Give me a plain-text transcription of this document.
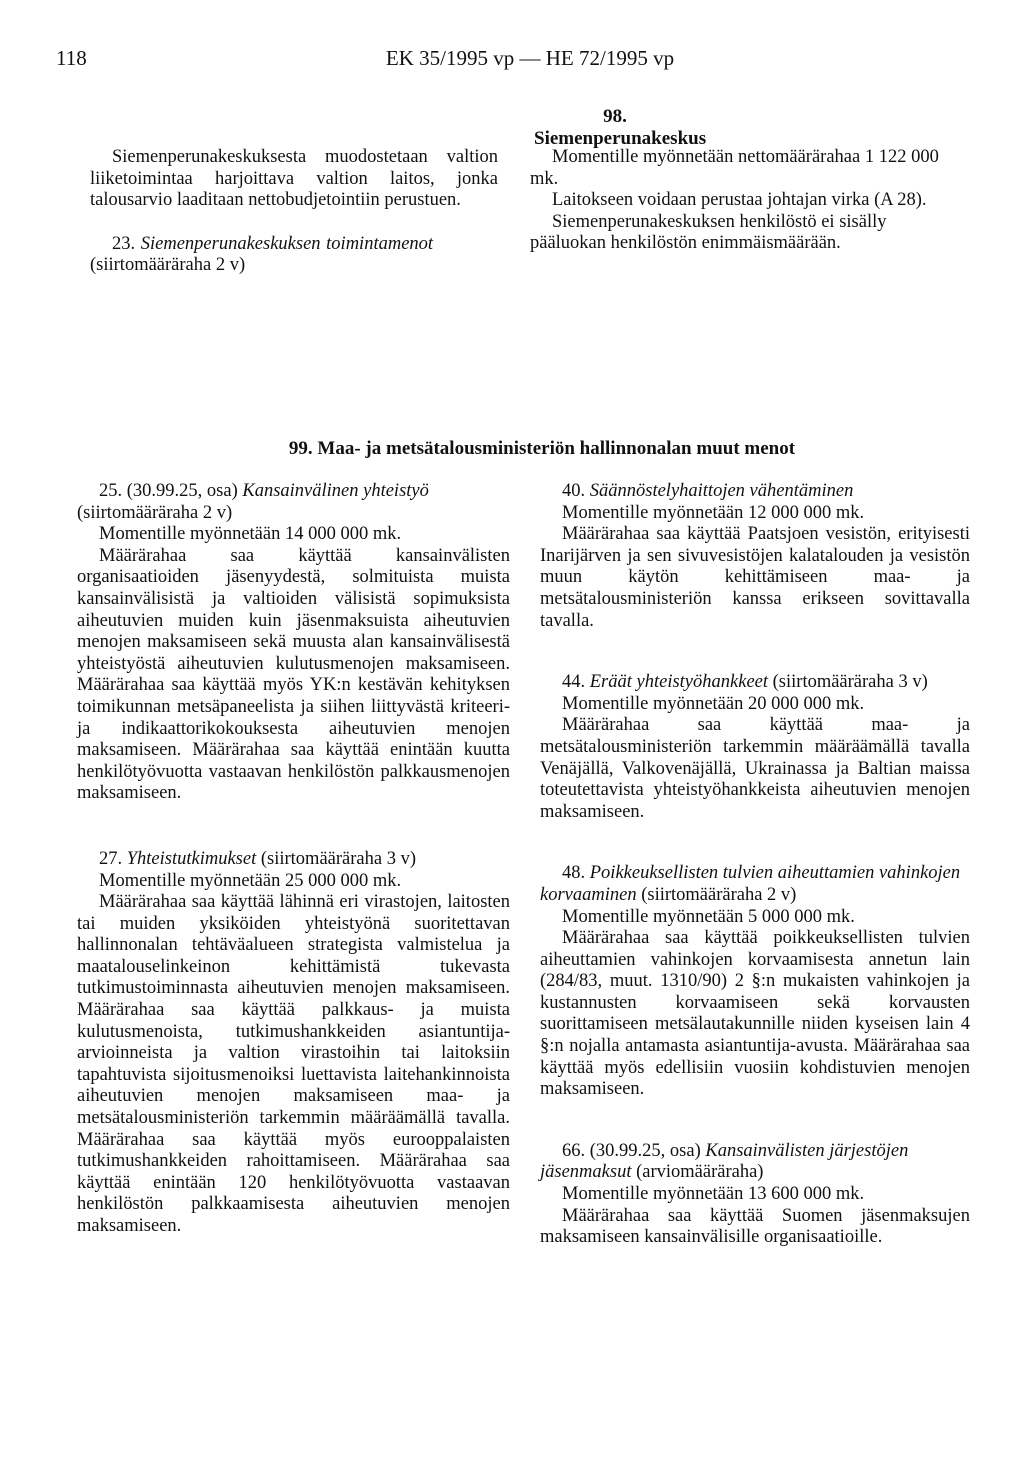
118	EK 35/1995 vp — HE 72/1995 vp
98. Siemenperunakeskus

Siemenperunakeskuksesta muodostetaan valtion liiketoimintaa harjoittava valtion laitos, jonka talousarvio laaditaan nettobudjetointiin perustuen.

23. Siemenperunakeskuksen toimintamenot

(siirtomääräraha 2 v)

Momentille myönnetään nettomäärärahaa 1 122 000 mk.

Laitokseen voidaan perustaa johtajan virka (A 28).

Siemenperunakeskuksen henkilöstö ei sisälly pääluokan henkilöstön enimmäismäärään.

99. Maa- ja metsätalousministeriön hallinnonalan muut menot

25. (30.99.25, osa) Kansainvälinen yhteistyö

(siirtomääräraha 2 v)

Momentille myönnetään 14 000 000 mk.

Määrärahaa saa käyttää kansainvälisten organisaatioiden jäsenyydestä, solmituista muista kansainvälisistä ja valtioiden välisistä sopimuksista aiheutuvien muiden kuin jäsenmaksuista aiheutuvien menojen maksamiseen sekä muusta alan kansainvälisestä yhteistyöstä aiheutuvien kulutusmenojen maksamiseen. Määrärahaa saa käyttää myös YK:n kestävän kehityksen toimikunnan metsäpaneelista ja siihen liittyvästä kriteeri- ja indikaattorikokouksesta aiheutuvien menojen maksamiseen. Määrärahaa saa käyttää enintään kuutta henkilötyövuotta vastaavan henkilöstön palkkausmenojen maksamiseen.

27. Yhteistutkimukset (siirtomääräraha 3 v)

Momentille myönnetään 25 000 000 mk.

Määrärahaa saa käyttää lähinnä eri virastojen, laitosten tai muiden yksiköiden yhteistyönä suoritettavan hallinnonalan tehtäväalueen strategista valmistelua ja maatalouselinkeinon kehittämistä tukevasta tutkimustoiminnasta aiheutuvien menojen maksamiseen. Määrärahaa saa käyttää palkkaus- ja muista kulutusmenoista, tutkimushankkeiden asiantuntija-arvioinneista ja valtion virastoihin tai laitoksiin tapahtuvista sijoitusmenoiksi luettavista laitehankinnoista aiheutuvien menojen maksamiseen maa- ja metsätalousministeriön tarkemmin määräämällä tavalla. Määrärahaa saa käyttää myös eurooppalaisten tutkimushankkeiden rahoittamiseen. Määrärahaa saa käyttää enintään 120 henkilötyövuotta vastaavan henkilöstön palkkaamisesta aiheutuvien menojen maksamiseen.

40. Säännöstelyhaittojen vähentäminen

Momentille myönnetään 12 000 000 mk.

Määrärahaa saa käyttää Paatsjoen vesistön, erityisesti Inarijärven ja sen sivuvesistöjen kalatalouden ja vesistön muun käytön kehittämiseen maa- ja metsätalousministeriön kanssa erikseen sovittavalla tavalla.

44. Eräät yhteistyöhankkeet (siirtomääräraha 3 v)

Momentille myönnetään 20 000 000 mk.

Määrärahaa saa käyttää maa- ja metsätalousministeriön tarkemmin määräämällä tavalla Venäjällä, Valkovenäjällä, Ukrainassa ja Baltian maissa toteutettavista yhteistyöhankkeista aiheutuvien menojen maksamiseen.

48. Poikkeuksellisten tulvien aiheuttamien vahinkojen korvaaminen (siirtomääräraha 2 v)

Momentille myönnetään 5 000 000 mk.

Määrärahaa saa käyttää poikkeuksellisten tulvien aiheuttamien vahinkojen korvaamisesta annetun lain (284/83, muut. 1310/90) 2 §:n mukaisten vahinkojen ja kustannusten korvaamiseen sekä korvausten suorittamiseen metsälautakunnille niiden kyseisen lain 4 §:n nojalla antamasta asiantuntija-avusta. Määrärahaa saa käyttää myös edellisiin vuosiin kohdistuvien menojen maksamiseen.

66. (30.99.25, osa) Kansainvälisten järjestöjen jäsenmaksut (arviomääräraha)

Momentille myönnetään 13 600 000 mk.

Määrärahaa saa käyttää Suomen jäsenmaksujen maksamiseen kansainvälisille organisaatioille.
